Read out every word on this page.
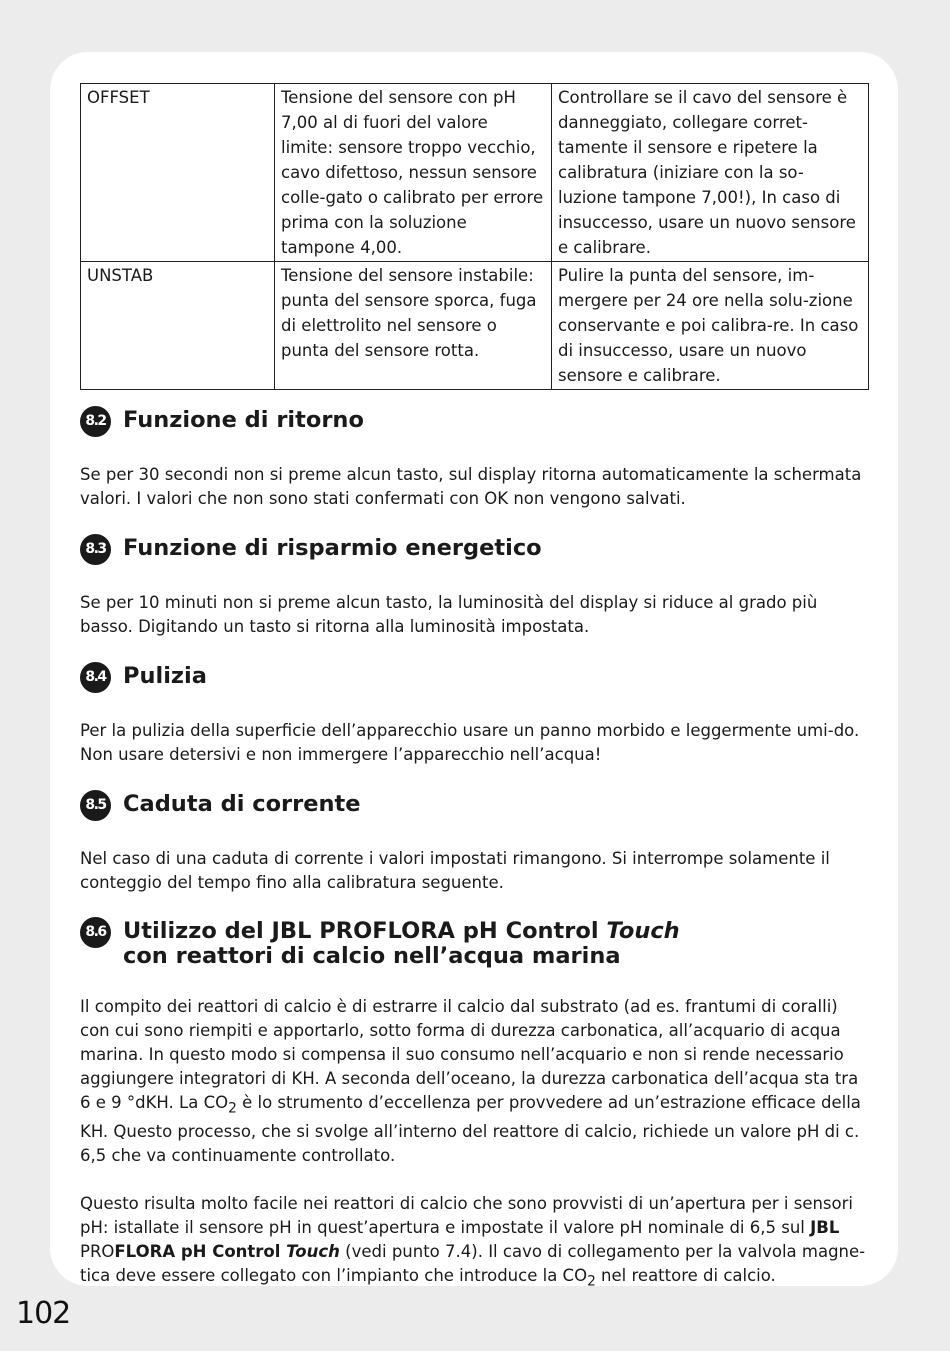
OFFSET	Tensione del sensore con pH 7,00 al di fuori del valore limite: sensore troppo vecchio, cavo difettoso, nessun sensore colle-gato o calibrato per errore prima con la soluzione tampone 4,00.	Controllare se il cavo del sensore è danneggiato, collegare corret-tamente il sensore e ripetere la calibratura (iniziare con la so-luzione tampone 7,00!), In caso di insuccesso, usare un nuovo sensore e calibrare.
UNSTAB	Tensione del sensore instabile: punta del sensore sporca, fuga di elettrolito nel sensore o punta del sensore rotta.	Pulire la punta del sensore, im-mergere per 24 ore nella solu-zione conservante e poi calibra-re. In caso di insuccesso, usare un nuovo sensore e calibrare.
8.2 Funzione di ritorno

Se per 30 secondi non si preme alcun tasto, sul display ritorna automaticamente la schermata valori. I valori che non sono stati confermati con OK non vengono salvati.

8.3 Funzione di risparmio energetico

Se per 10 minuti non si preme alcun tasto, la luminosità del display si riduce al grado più basso. Digitando un tasto si ritorna alla luminosità impostata.

8.4 Pulizia

Per la pulizia della superficie dell’apparecchio usare un panno morbido e leggermente umi-do. Non usare detersivi e non immergere l’apparecchio nell’acqua!

8.5 Caduta di corrente

Nel caso di una caduta di corrente i valori impostati rimangono. Si interrompe solamente il conteggio del tempo fino alla calibratura seguente.

8.6 Utilizzo del JBL PROFLORA pH Control Touch
con reattori di calcio nell’acqua marina

Il compito dei reattori di calcio è di estrarre il calcio dal substrato (ad es. frantumi di coralli) con cui sono riempiti e apportarlo, sotto forma di durezza carbonatica, all’acquario di acqua marina. In questo modo si compensa il suo consumo nell’acquario e non si rende necessario aggiungere integratori di KH. A seconda dell’oceano, la durezza carbonatica dell’acqua sta tra 6 e 9 °dKH. La $CO_2$ è lo strumento d’eccellenza per provvedere ad un’estrazione efficace della KH. Questo processo, che si svolge all’interno del reattore di calcio, richiede un valore pH di c. 6,5 che va continuamente controllato.

Questo risulta molto facile nei reattori di calcio che sono provvisti di un’apertura per i sensori pH: istallate il sensore pH in quest’apertura e impostate il valore pH nominale di 6,5 sul JBL PROFLORA pH Control Touch (vedi punto 7.4). Il cavo di collegamento per la valvola magne-tica deve essere collegato con l’impianto che introduce la $CO_2$ nel reattore di calcio.

102
